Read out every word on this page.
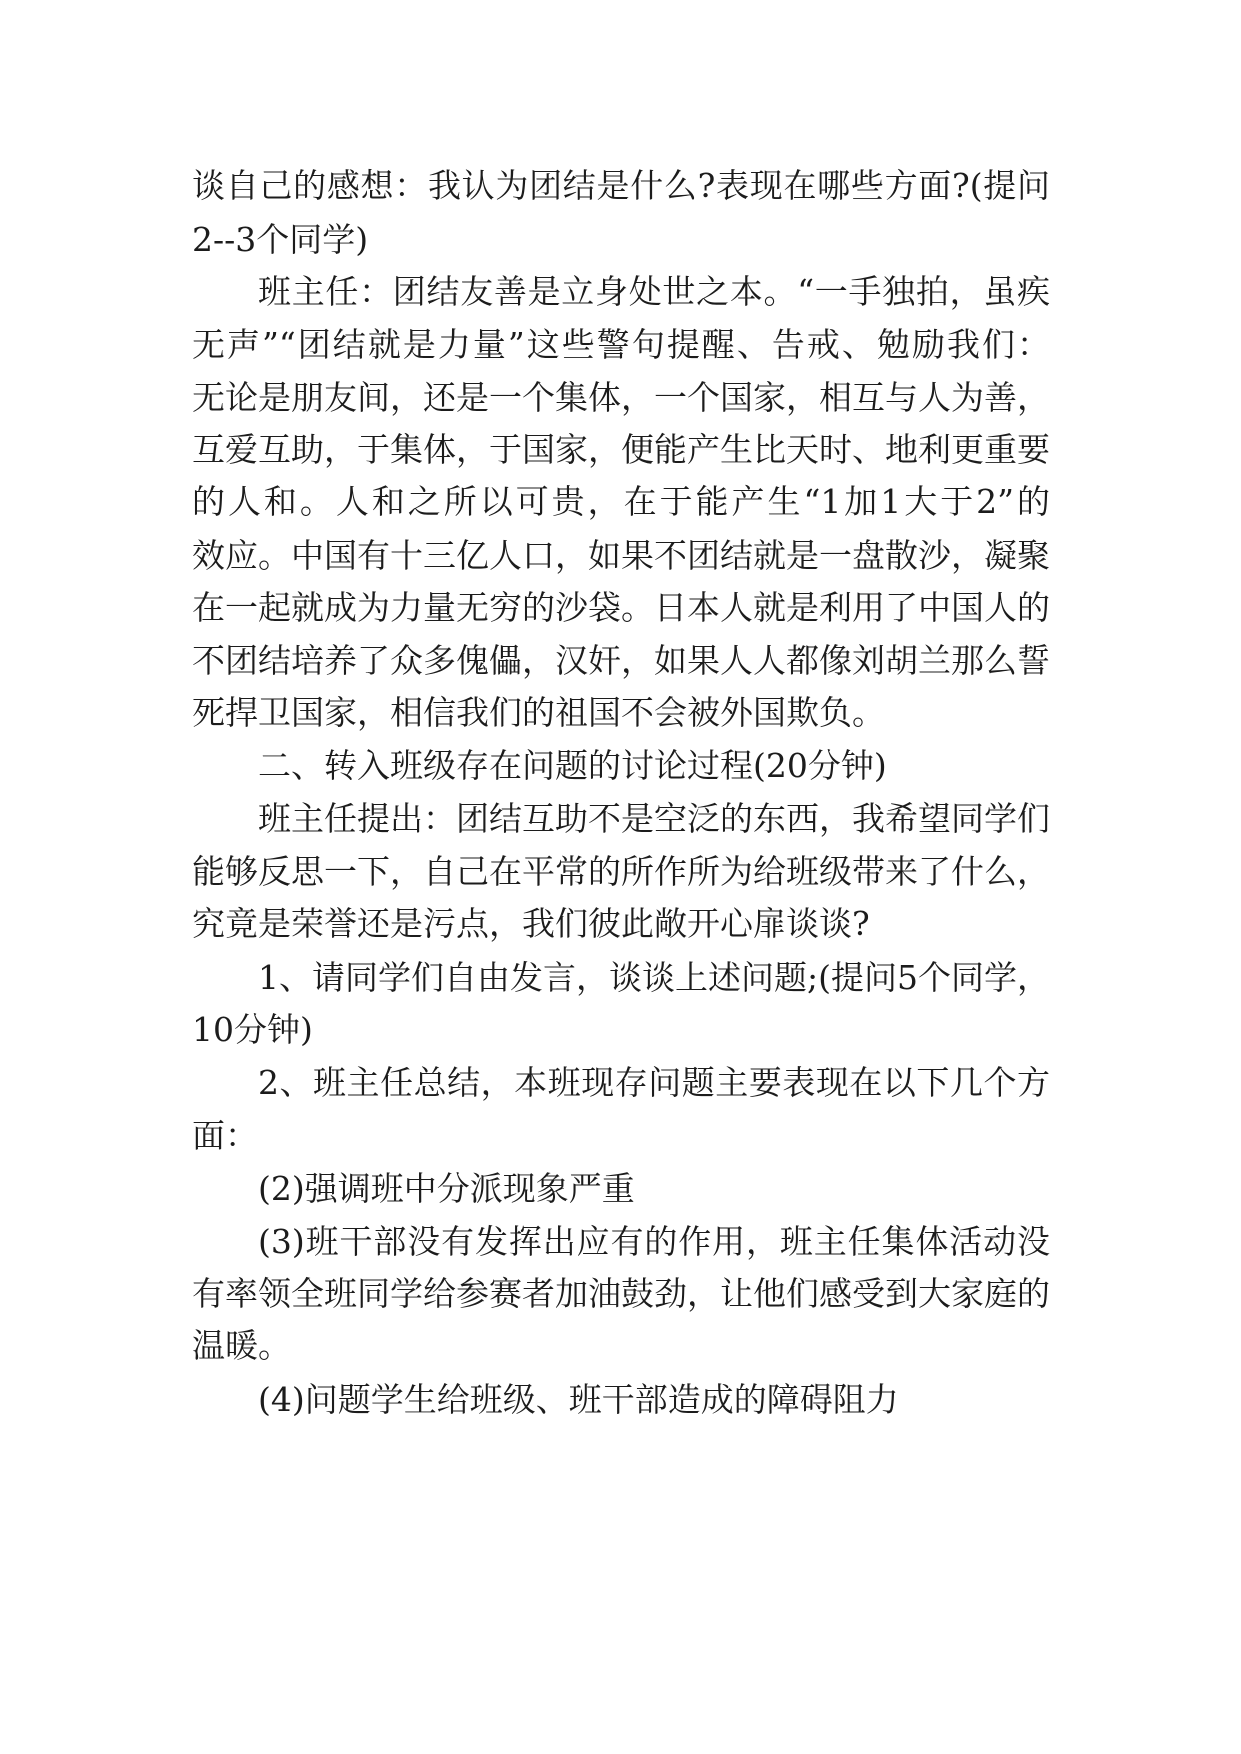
谈自己的感想：我认为团结是什么?表现在哪些方面?(提问
2--3个同学)
班主任：团结友善是立身处世之本。“一手独拍，虽疾
无声”“团结就是力量”这些警句提醒、告戒、勉励我们：
无论是朋友间，还是一个集体，一个国家，相互与人为善，
互爱互助，于集体，于国家，便能产生比天时、地利更重要
的人和。人和之所以可贵，在于能产生“1加1大于2”的
效应。中国有十三亿人口，如果不团结就是一盘散沙，凝聚
在一起就成为力量无穷的沙袋。日本人就是利用了中国人的
不团结培养了众多傀儡，汉奸，如果人人都像刘胡兰那么誓
死捍卫国家，相信我们的祖国不会被外国欺负。
二、转入班级存在问题的讨论过程(20分钟)
班主任提出：团结互助不是空泛的东西，我希望同学们
能够反思一下，自己在平常的所作所为给班级带来了什么，
究竟是荣誉还是污点，我们彼此敞开心扉谈谈?
1、请同学们自由发言，谈谈上述问题;(提问5个同学，
10分钟)
2、班主任总结，本班现存问题主要表现在以下几个方
面：
(2)强调班中分派现象严重
(3)班干部没有发挥出应有的作用，班主任集体活动没
有率领全班同学给参赛者加油鼓劲，让他们感受到大家庭的
温暖。
(4)问题学生给班级、班干部造成的障碍阻力
